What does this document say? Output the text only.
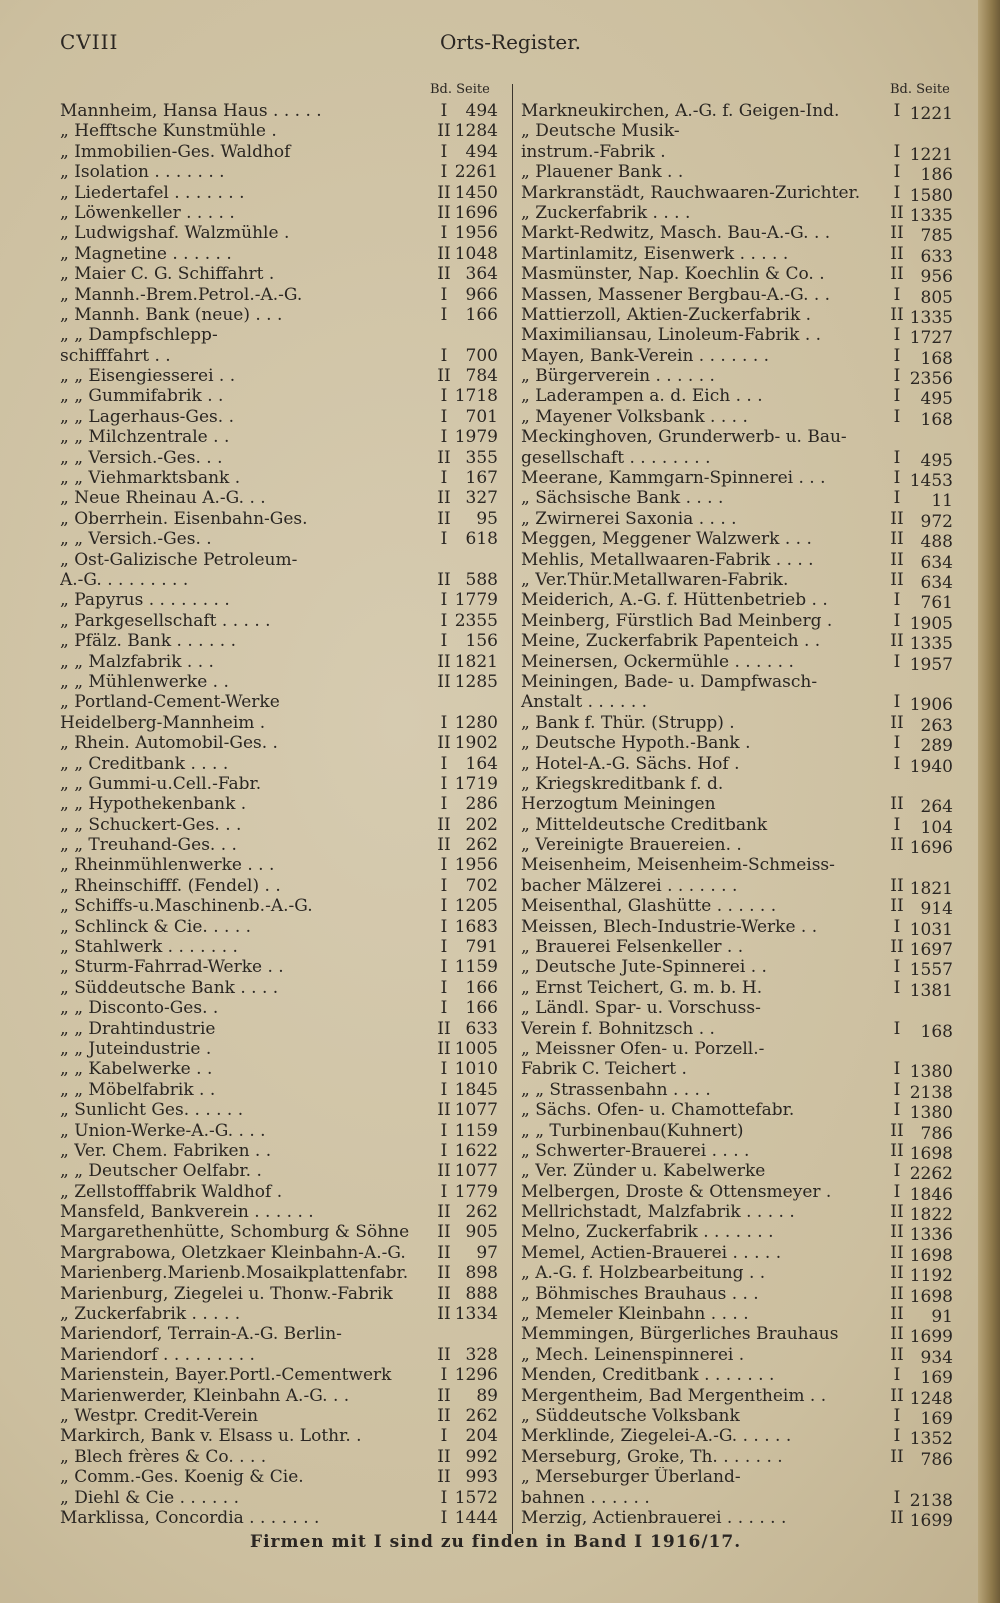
CVIII	Orts-Register.
Bd. Seite	Bd. Seite
Mannheim, Hansa Haus . . . . .	I	494
„ Hefftsche Kunstmühle .	II 1284
„ Immobilien-Ges. Waldhof	I	494
„ Isolation . . . . . . .	I 2261
„ Liedertafel . . . . . . .	II 1450
„ Löwenkeller . . . . .	II 1696
„ Ludwigshaf. Walzmühle .	I 1956
„ Magnetine . . . . . .	II 1048
„ Maier C. G. Schiffahrt .	II 364
„ Mannh.-Brem.Petrol.-A.-G.	I	966
„ Mannh. Bank (neue) . . .	I	166
„ „ Dampfschlepp-
schifffahrt . .	I	700
„ „ Eisengiesserei . .	II 784
„ „ Gummifabrik . .	I 1718
„ „ Lagerhaus-Ges. .	I	701
„ „ Milchzentrale . .	I 1979
„ „ Versich.-Ges. . .	II 355
„ „ Viehmarktsbank .	I	167
„ Neue Rheinau A.-G. . .	II 327
„ Oberrhein. Eisenbahn-Ges.	II	95
„ „ Versich.-Ges. .	I	618
„ Ost-Galizische Petroleum-
A.-G. . . . . . . . .	II 588
„ Papyrus . . . . . . . .	I 1779
„ Parkgesellschaft . . . . .	I 2355
„ Pfälz. Bank . . . . . .	I	156
„ „ Malzfabrik . . .	II 1821
„ „ Mühlenwerke . .	II 1285
„ Portland-Cement-Werke
Heidelberg-Mannheim .	I 1280
„ Rhein. Automobil-Ges. .	II 1902
„ „ Creditbank . . . .	I	164
„ „ Gummi-u.Cell.-Fabr.	I 1719
„ „ Hypothekenbank .	I	286
„ „ Schuckert-Ges. . .	II 202
„ „ Treuhand-Ges. . .	II 262
„ Rheinmühlenwerke . . .	I 1956
„ Rheinschifff. (Fendel) . .	I	702
„ Schiffs-u.Maschinenb.-A.-G.	I 1205
„ Schlinck & Cie. . . . .	I 1683
„ Stahlwerk . . . . . . .	I	791
„ Sturm-Fahrrad-Werke . .	I 1159
„ Süddeutsche Bank . . . .	I	166
„ „ Disconto-Ges. .	I	166
„ „ Drahtindustrie	II 633
„ „ Juteindustrie .	II 1005
„ „ Kabelwerke . .	I 1010
„ „ Möbelfabrik . .	I 1845
„ Sunlicht Ges. . . . . .	II 1077
„ Union-Werke-A.-G. . . .	I 1159
„ Ver. Chem. Fabriken . .	I 1622
„ „ Deutscher Oelfabr. .	II 1077
„ Zellstofffabrik Waldhof .	I 1779
Mansfeld, Bankverein . . . . . .	II 262
Margarethenhütte, Schomburg & Söhne	II 905
Margrabowa, Oletzkaer Kleinbahn-A.-G.	II	97
Marienberg.Marienb.Mosaikplattenfabr.	II 898
Marienburg, Ziegelei u. Thonw.-Fabrik	II 888
„ Zuckerfabrik . . . . .	II 1334
Mariendorf, Terrain-A.-G. Berlin-
Mariendorf . . . . . . . . .	II 328
Marienstein, Bayer.Portl.-Cementwerk	I 1296
Marienwerder, Kleinbahn A.-G. . .	II	89
„ Westpr. Credit-Verein	II 262
Markirch, Bank v. Elsass u. Lothr. .	I	204
„ Blech frères & Co. . . .	II 992
„ Comm.-Ges. Koenig & Cie.	II 993
„ Diehl & Cie . . . . . .	I 1572
Marklissa, Concordia . . . . . . .	I 1444
Markneukirchen, A.-G. f. Geigen-Ind.	I 1221
„ Deutsche Musik-
instrum.-Fabrik .	I 1221
„ Plauener Bank . .	I	186
Markranstädt, Rauchwaaren-Zurichter.	I 1580
„ Zuckerfabrik . . . .	II 1335
Markt-Redwitz, Masch. Bau-A.-G. . .	II 785
Martinlamitz, Eisenwerk . . . . .	II 633
Masmünster, Nap. Koechlin & Co. .	II 956
Massen, Massener Bergbau-A.-G. . .	I	805
Mattierzoll, Aktien-Zuckerfabrik .	II 1335
Maximiliansau, Linoleum-Fabrik . .	I 1727
Mayen, Bank-Verein . . . . . . .	I	168
„ Bürgerverein . . . . . .	I 2356
„ Laderampen a. d. Eich . . .	I	495
„ Mayener Volksbank . . . .	I	168
Meckinghoven, Grunderwerb- u. Bau-
gesellschaft . . . . . . . .	I	495
Meerane, Kammgarn-Spinnerei . . .	I 1453
„ Sächsische Bank . . . .	I	11
„ Zwirnerei Saxonia . . . .	II 972
Meggen, Meggener Walzwerk . . .	II 488
Mehlis, Metallwaaren-Fabrik . . . .	II 634
„ Ver.Thür.Metallwaren-Fabrik.	II 634
Meiderich, A.-G. f. Hüttenbetrieb . .	I	761
Meinberg, Fürstlich Bad Meinberg .	I 1905
Meine, Zuckerfabrik Papenteich . .	II 1335
Meinersen, Ockermühle . . . . . .	I 1957
Meiningen, Bade- u. Dampfwasch-
Anstalt . . . . . .	I 1906
„ Bank f. Thür. (Strupp) .	II 263
„ Deutsche Hypoth.-Bank .	I	289
„ Hotel-A.-G. Sächs. Hof .	I 1940
„ Kriegskreditbank f. d.
Herzogtum Meiningen	II 264
„ Mitteldeutsche Creditbank	I	104
„ Vereinigte Brauereien. .	II 1696
Meisenheim, Meisenheim-Schmeiss-
bacher Mälzerei . . . . . . .	II 1821
Meisenthal, Glashütte . . . . . .	II 914
Meissen, Blech-Industrie-Werke . .	I 1031
„ Brauerei Felsenkeller . .	II 1697
„ Deutsche Jute-Spinnerei . .	I 1557
„ Ernst Teichert, G. m. b. H.	I 1381
„ Ländl. Spar- u. Vorschuss-
Verein f. Bohnitzsch . .	I	168
„ Meissner Ofen- u. Porzell.-
Fabrik C. Teichert .	I 1380
„ „ Strassenbahn . . . .	I 2138
„ Sächs. Ofen- u. Chamottefabr.	I 1380
„ „ Turbinenbau(Kuhnert)	II 786
„ Schwerter-Brauerei . . . .	II 1698
„ Ver. Zünder u. Kabelwerke	I 2262
Melbergen, Droste & Ottensmeyer .	I 1846
Mellrichstadt, Malzfabrik . . . . .	II 1822
Melno, Zuckerfabrik . . . . . . .	II 1336
Memel, Actien-Brauerei . . . . .	II 1698
„ A.-G. f. Holzbearbeitung . .	II 1192
„ Böhmisches Brauhaus . . .	II 1698
„ Memeler Kleinbahn . . . .	II	91
Memmingen, Bürgerliches Brauhaus	II 1699
„ Mech. Leinenspinnerei .	II 934
Menden, Creditbank . . . . . . .	I	169
Mergentheim, Bad Mergentheim . .	II 1248
„ Süddeutsche Volksbank	I	169
Merklinde, Ziegelei-A.-G. . . . . .	I 1352
Merseburg, Groke, Th. . . . . . .	II 786
„ Merseburger Überland-
bahnen . . . . . .	I 2138
Merzig, Actienbrauerei . . . . . .	II 1699
Firmen mit I sind zu finden in Band I 1916/17.
